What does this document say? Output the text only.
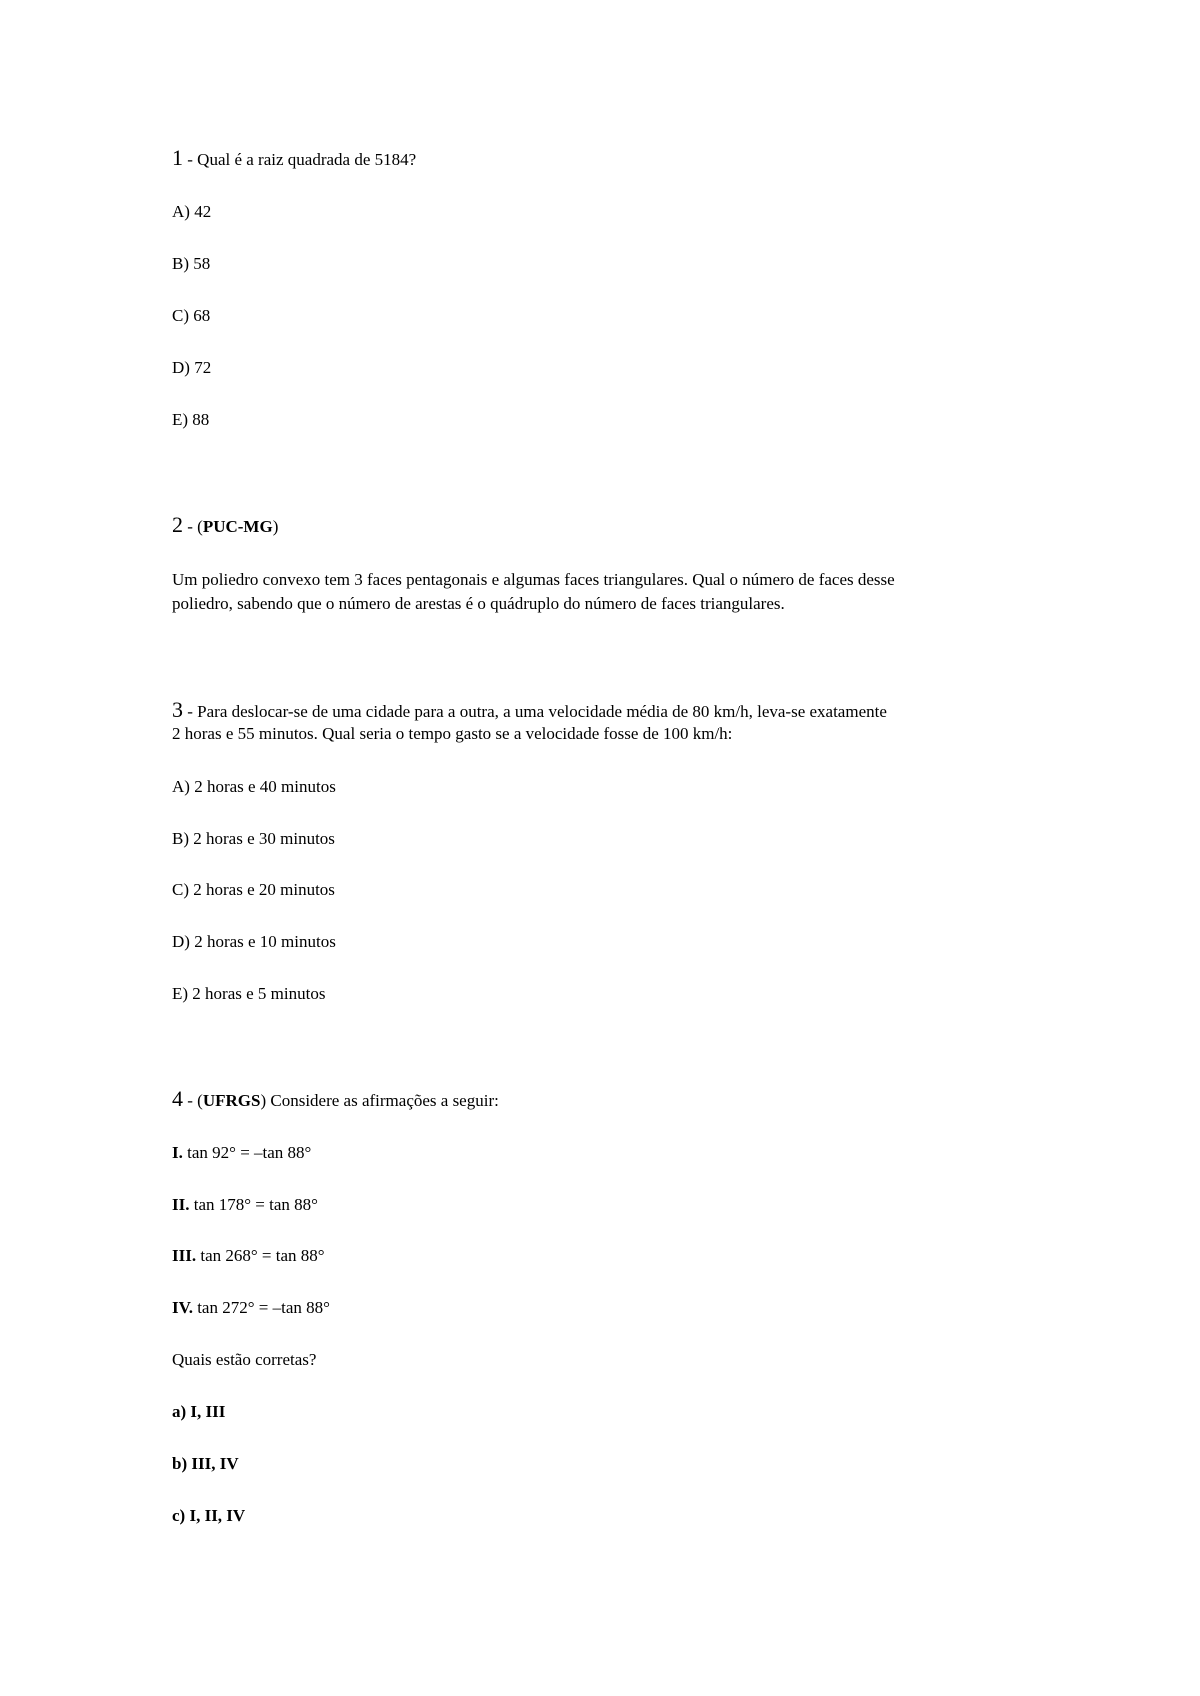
1 - Qual é a raiz quadrada de 5184?
A) 42
B) 58
C) 68
D) 72
E) 88
2 - (PUC-MG)
Um poliedro convexo tem 3 faces pentagonais e algumas faces triangulares. Qual o número de faces desse
poliedro, sabendo que o número de arestas é o quádruplo do número de faces triangulares.
3 - Para deslocar-se de uma cidade para a outra, a uma velocidade média de 80 km/h, leva-se exatamente
2 horas e 55 minutos. Qual seria o tempo gasto se a velocidade fosse de 100 km/h:
A) 2 horas e 40 minutos
B) 2 horas e 30 minutos
C) 2 horas e 20 minutos
D) 2 horas e 10 minutos
E) 2 horas e 5 minutos
4 - (UFRGS) Considere as afirmações a seguir:
I. tan 92° = –tan 88°
II. tan 178° = tan 88°
III. tan 268° = tan 88°
IV. tan 272° = –tan 88°
Quais estão corretas?
a) I, III
b) III, IV
c) I, II, IV
